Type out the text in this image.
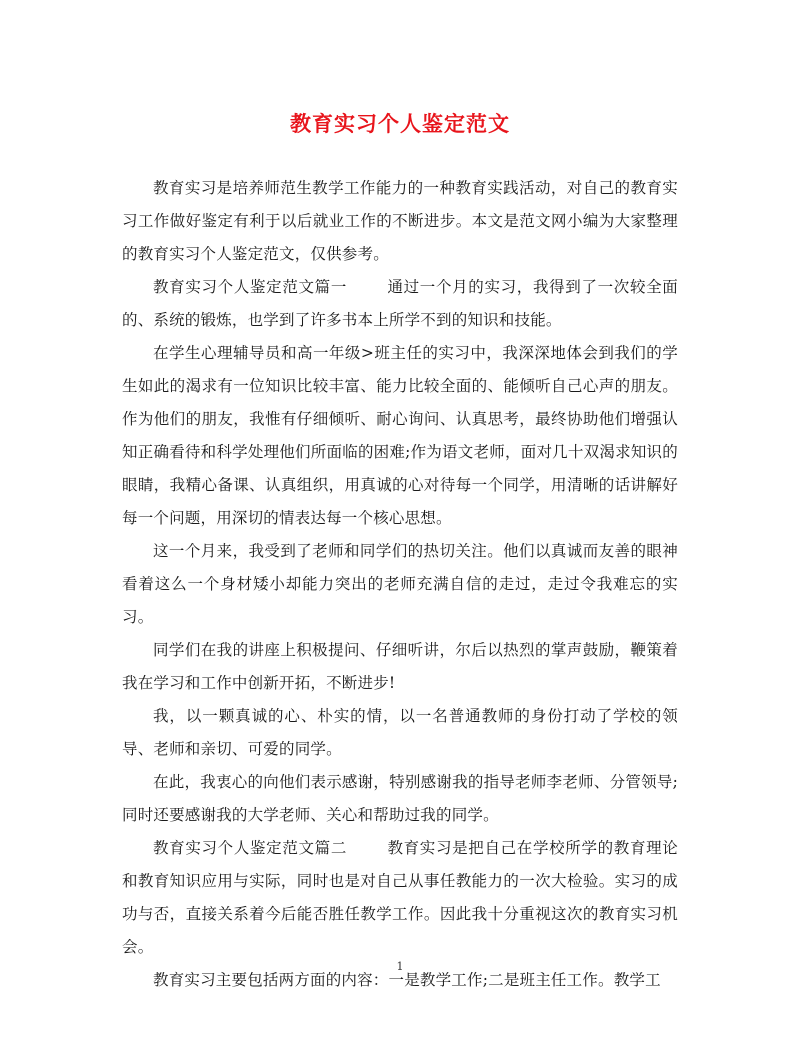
教育实习个人鉴定范文

教育实习是培养师范生教学工作能力的一种教育实践活动，对自己的教育实习工作做好鉴定有利于以后就业工作的不断进步。本文是范文网小编为大家整理的教育实习个人鉴定范文，仅供参考。

教育实习个人鉴定范文篇一	通过一个月的实习，我得到了一次较全面的、系统的锻炼，也学到了许多书本上所学不到的知识和技能。

在学生心理辅导员和高一年级>班主任的实习中，我深深地体会到我们的学生如此的渴求有一位知识比较丰富、能力比较全面的、能倾听自己心声的朋友。作为他们的朋友，我惟有仔细倾听、耐心询问、认真思考，最终协助他们增强认知正确看待和科学处理他们所面临的困难;作为语文老师，面对几十双渴求知识的眼睛，我精心备课、认真组织，用真诚的心对待每一个同学，用清晰的话讲解好每一个问题，用深切的情表达每一个核心思想。

这一个月来，我受到了老师和同学们的热切关注。他们以真诚而友善的眼神看着这么一个身材矮小却能力突出的老师充满自信的走过，走过令我难忘的实习。

同学们在我的讲座上积极提问、仔细听讲，尔后以热烈的掌声鼓励，鞭策着我在学习和工作中创新开拓，不断进步!

我，以一颗真诚的心、朴实的情，以一名普通教师的身份打动了学校的领导、老师和亲切、可爱的同学。

在此，我衷心的向他们表示感谢，特别感谢我的指导老师李老师、分管领导;同时还要感谢我的大学老师、关心和帮助过我的同学。

教育实习个人鉴定范文篇二	教育实习是把自己在学校所学的教育理论和教育知识应用与实际，同时也是对自己从事任教能力的一次大检验。实习的成功与否，直接关系着今后能否胜任教学工作。因此我十分重视这次的教育实习机会。

教育实习主要包括两方面的内容：一是教学工作;二是班主任工作。教学工

1
